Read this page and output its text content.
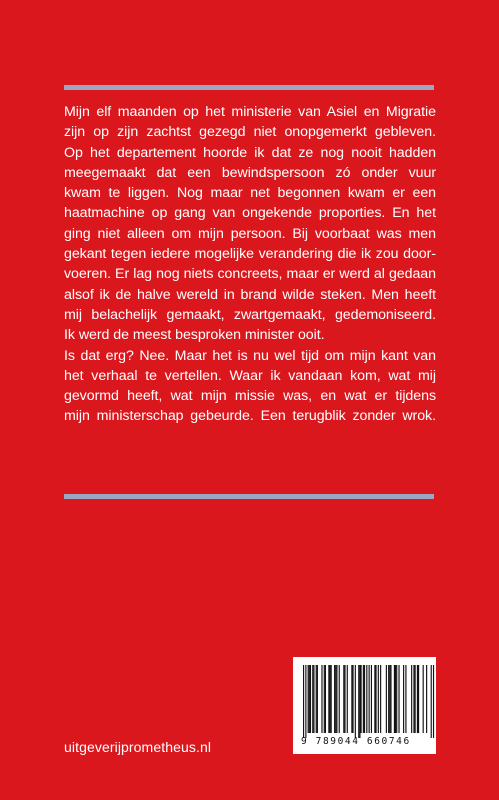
Mijn elf maanden op het ministerie van Asiel en Migratie
zijn op zijn zachtst gezegd niet onopgemerkt gebleven.
Op het departement hoorde ik dat ze nog nooit hadden
meegemaakt dat een bewindspersoon zó onder vuur
kwam te liggen. Nog maar net begonnen kwam er een
haatmachine op gang van ongekende proporties. En het
ging niet alleen om mijn persoon. Bij voorbaat was men
gekant tegen iedere mogelijke verandering die ik zou door-
voeren. Er lag nog niets concreets, maar er werd al gedaan
alsof ik de halve wereld in brand wilde steken. Men heeft
mij belachelijk gemaakt, zwartgemaakt, gedemoniseerd.
Ik werd de meest besproken minister ooit.
Is dat erg? Nee. Maar het is nu wel tijd om mijn kant van
het verhaal te vertellen. Waar ik vandaan kom, wat mij
gevormd heeft, wat mijn missie was, en wat er tijdens
mijn ministerschap gebeurde. Een terugblik zonder wrok.
uitgeverijprometheus.nl	9 789044 660746
